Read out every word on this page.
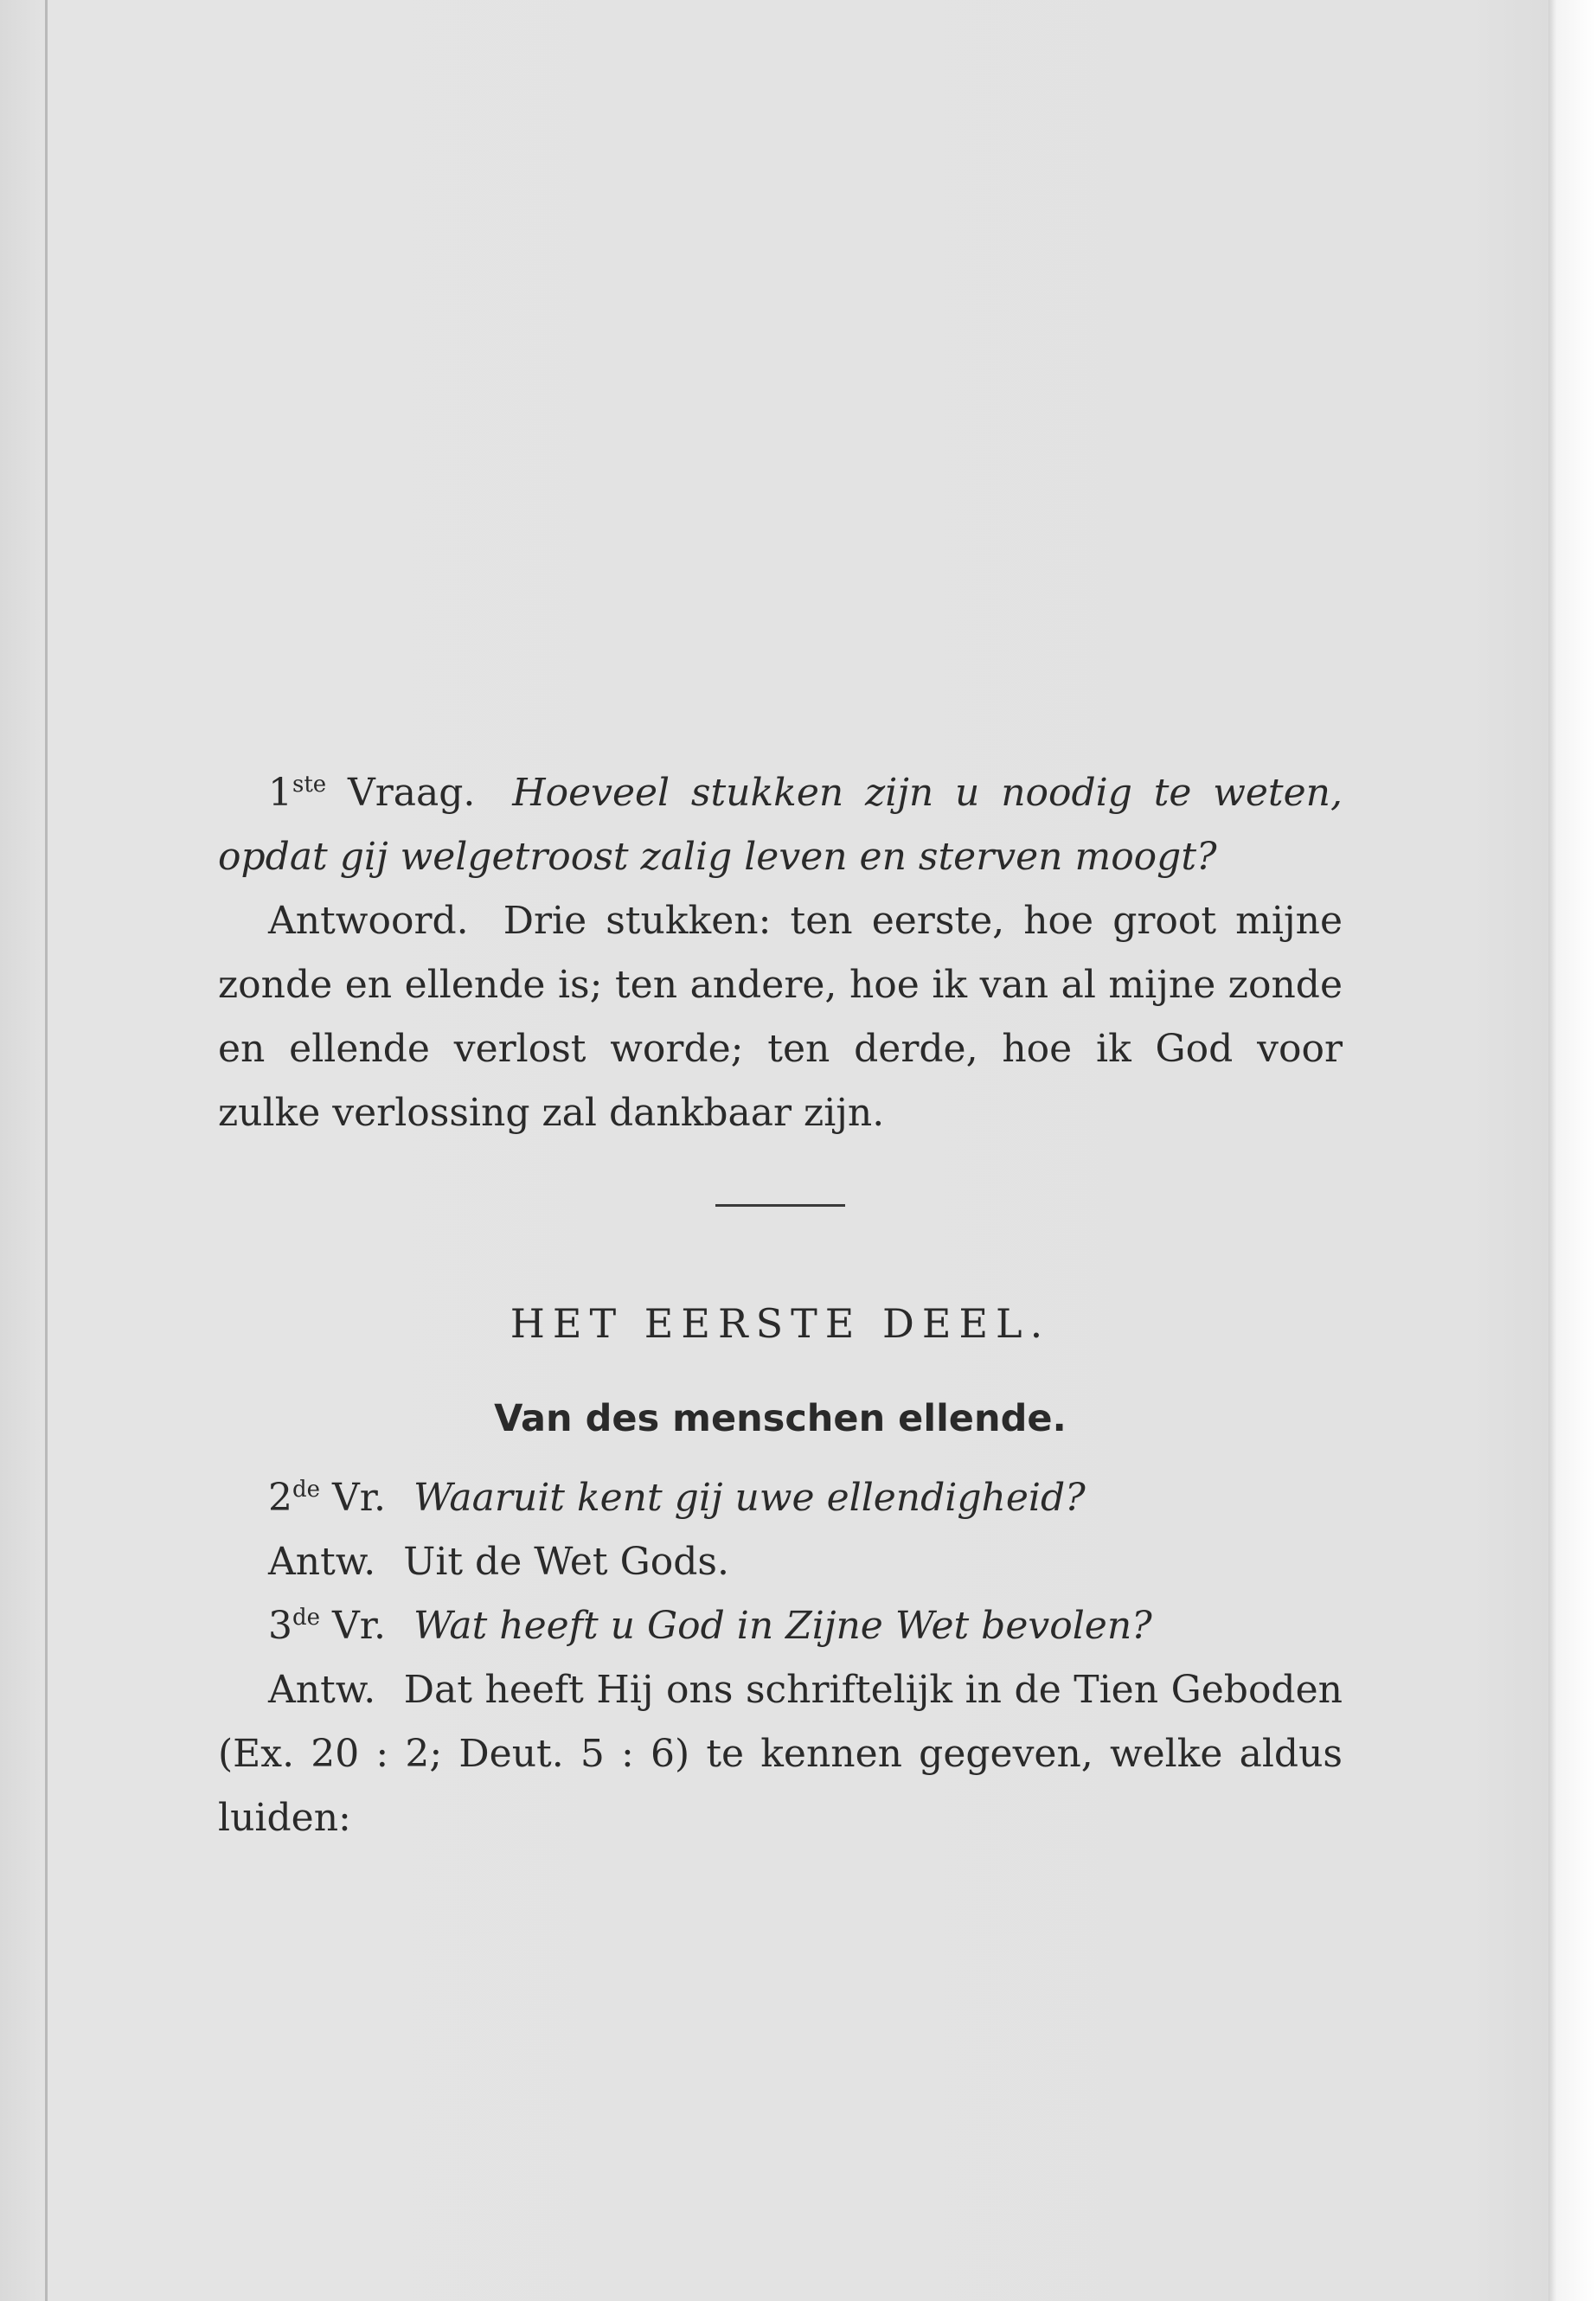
1ste Vraag. Hoeveel stukken zijn u noodig te weten, opdat gij welgetroost zalig leven en sterven moogt?

Antwoord. Drie stukken: ten eerste, hoe groot mijne zonde en ellende is; ten andere, hoe ik van al mijne zonde en ellende verlost worde; ten derde, hoe ik God voor zulke verlossing zal dankbaar zijn.

HET EERSTE DEEL.
Van des menschen ellende.

2de Vr. Waaruit kent gij uwe ellendigheid?

Antw. Uit de Wet Gods.

3de Vr. Wat heeft u God in Zijne Wet bevolen?

Antw. Dat heeft Hij ons schriftelijk in de Tien Geboden (Ex. 20 : 2; Deut. 5 : 6) te kennen gegeven, welke aldus luiden:
